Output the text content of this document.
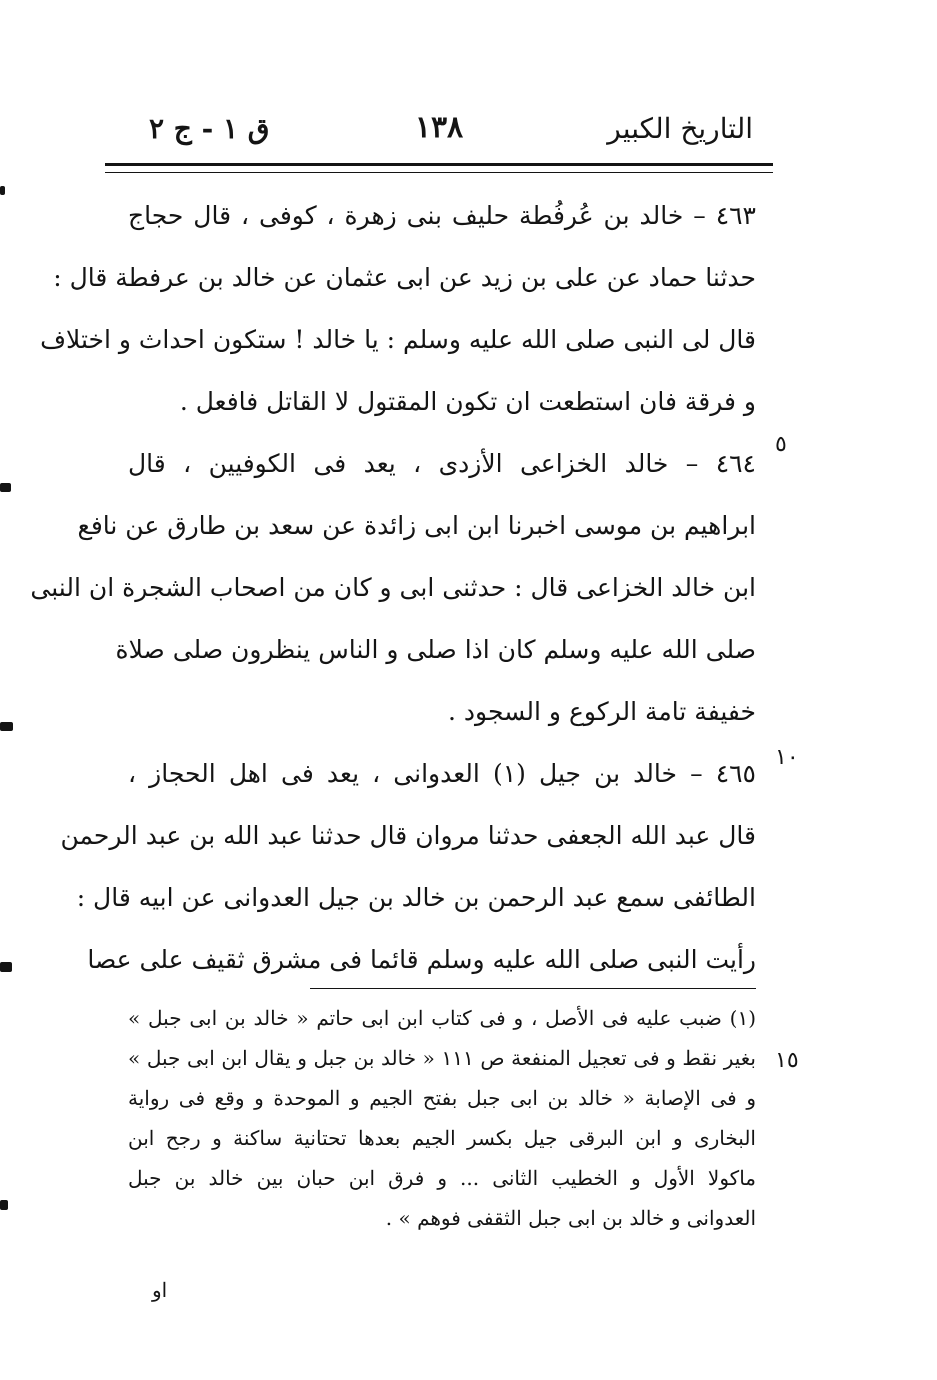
التاريخ الكبير
١٣٨
ق ١ - ج ٢
٤٦٣ – خالد بن عُرفُطة حليف بنى زهرة ، كوفى ، قال حجاج
حدثنا حماد عن على بن زيد عن ابى عثمان عن خالد بن عرفطة قال :
قال لى النبى صلى الله عليه وسلم : يا خالد ! ستكون احداث و اختلاف
و فرقة فان استطعت ان تكون المقتول لا القاتل فافعل .
٤٦٤ – خالد الخزاعى الأزدى ، يعد فى الكوفيين ، قال
ابراهيم بن موسى اخبرنا ابن ابى زائدة عن سعد بن طارق عن نافع
ابن خالد الخزاعى قال : حدثنى ابى و كان من اصحاب الشجرة ان النبى
صلى الله عليه وسلم كان اذا صلى و الناس ينظرون صلى صلاة
خفيفة تامة الركوع و السجود .
٤٦٥ – خالد بن جيل (١) العدوانى ، يعد فى اهل الحجاز ،
قال عبد الله الجعفى حدثنا مروان قال حدثنا عبد الله بن عبد الرحمن
الطائفى سمع عبد الرحمن بن خالد بن جيل العدوانى عن ابيه قال :
رأيت النبى صلى الله عليه وسلم قائما فى مشرق ثقيف على عصا
٥
١٠
١٥
(١) ضبب عليه فى الأصل ، و فى كتاب ابن ابى حاتم « خالد بن ابى جبل »
بغير نقط و فى تعجيل المنفعة ص ١١١ « خالد بن جبل و يقال ابن ابى جبل »
و فى الإصابة « خالد بن ابى جبل بفتح الجيم و الموحدة و وقع فى رواية
البخارى و ابن البرقى جيل بكسر الجيم بعدها تحتانية ساكنة و رجح ابن
ماكولا الأول و الخطيب الثانى ... و فرق ابن حبان بين خالد بن جبل
العدوانى و خالد بن ابى جبل الثقفى فوهم » .
او
